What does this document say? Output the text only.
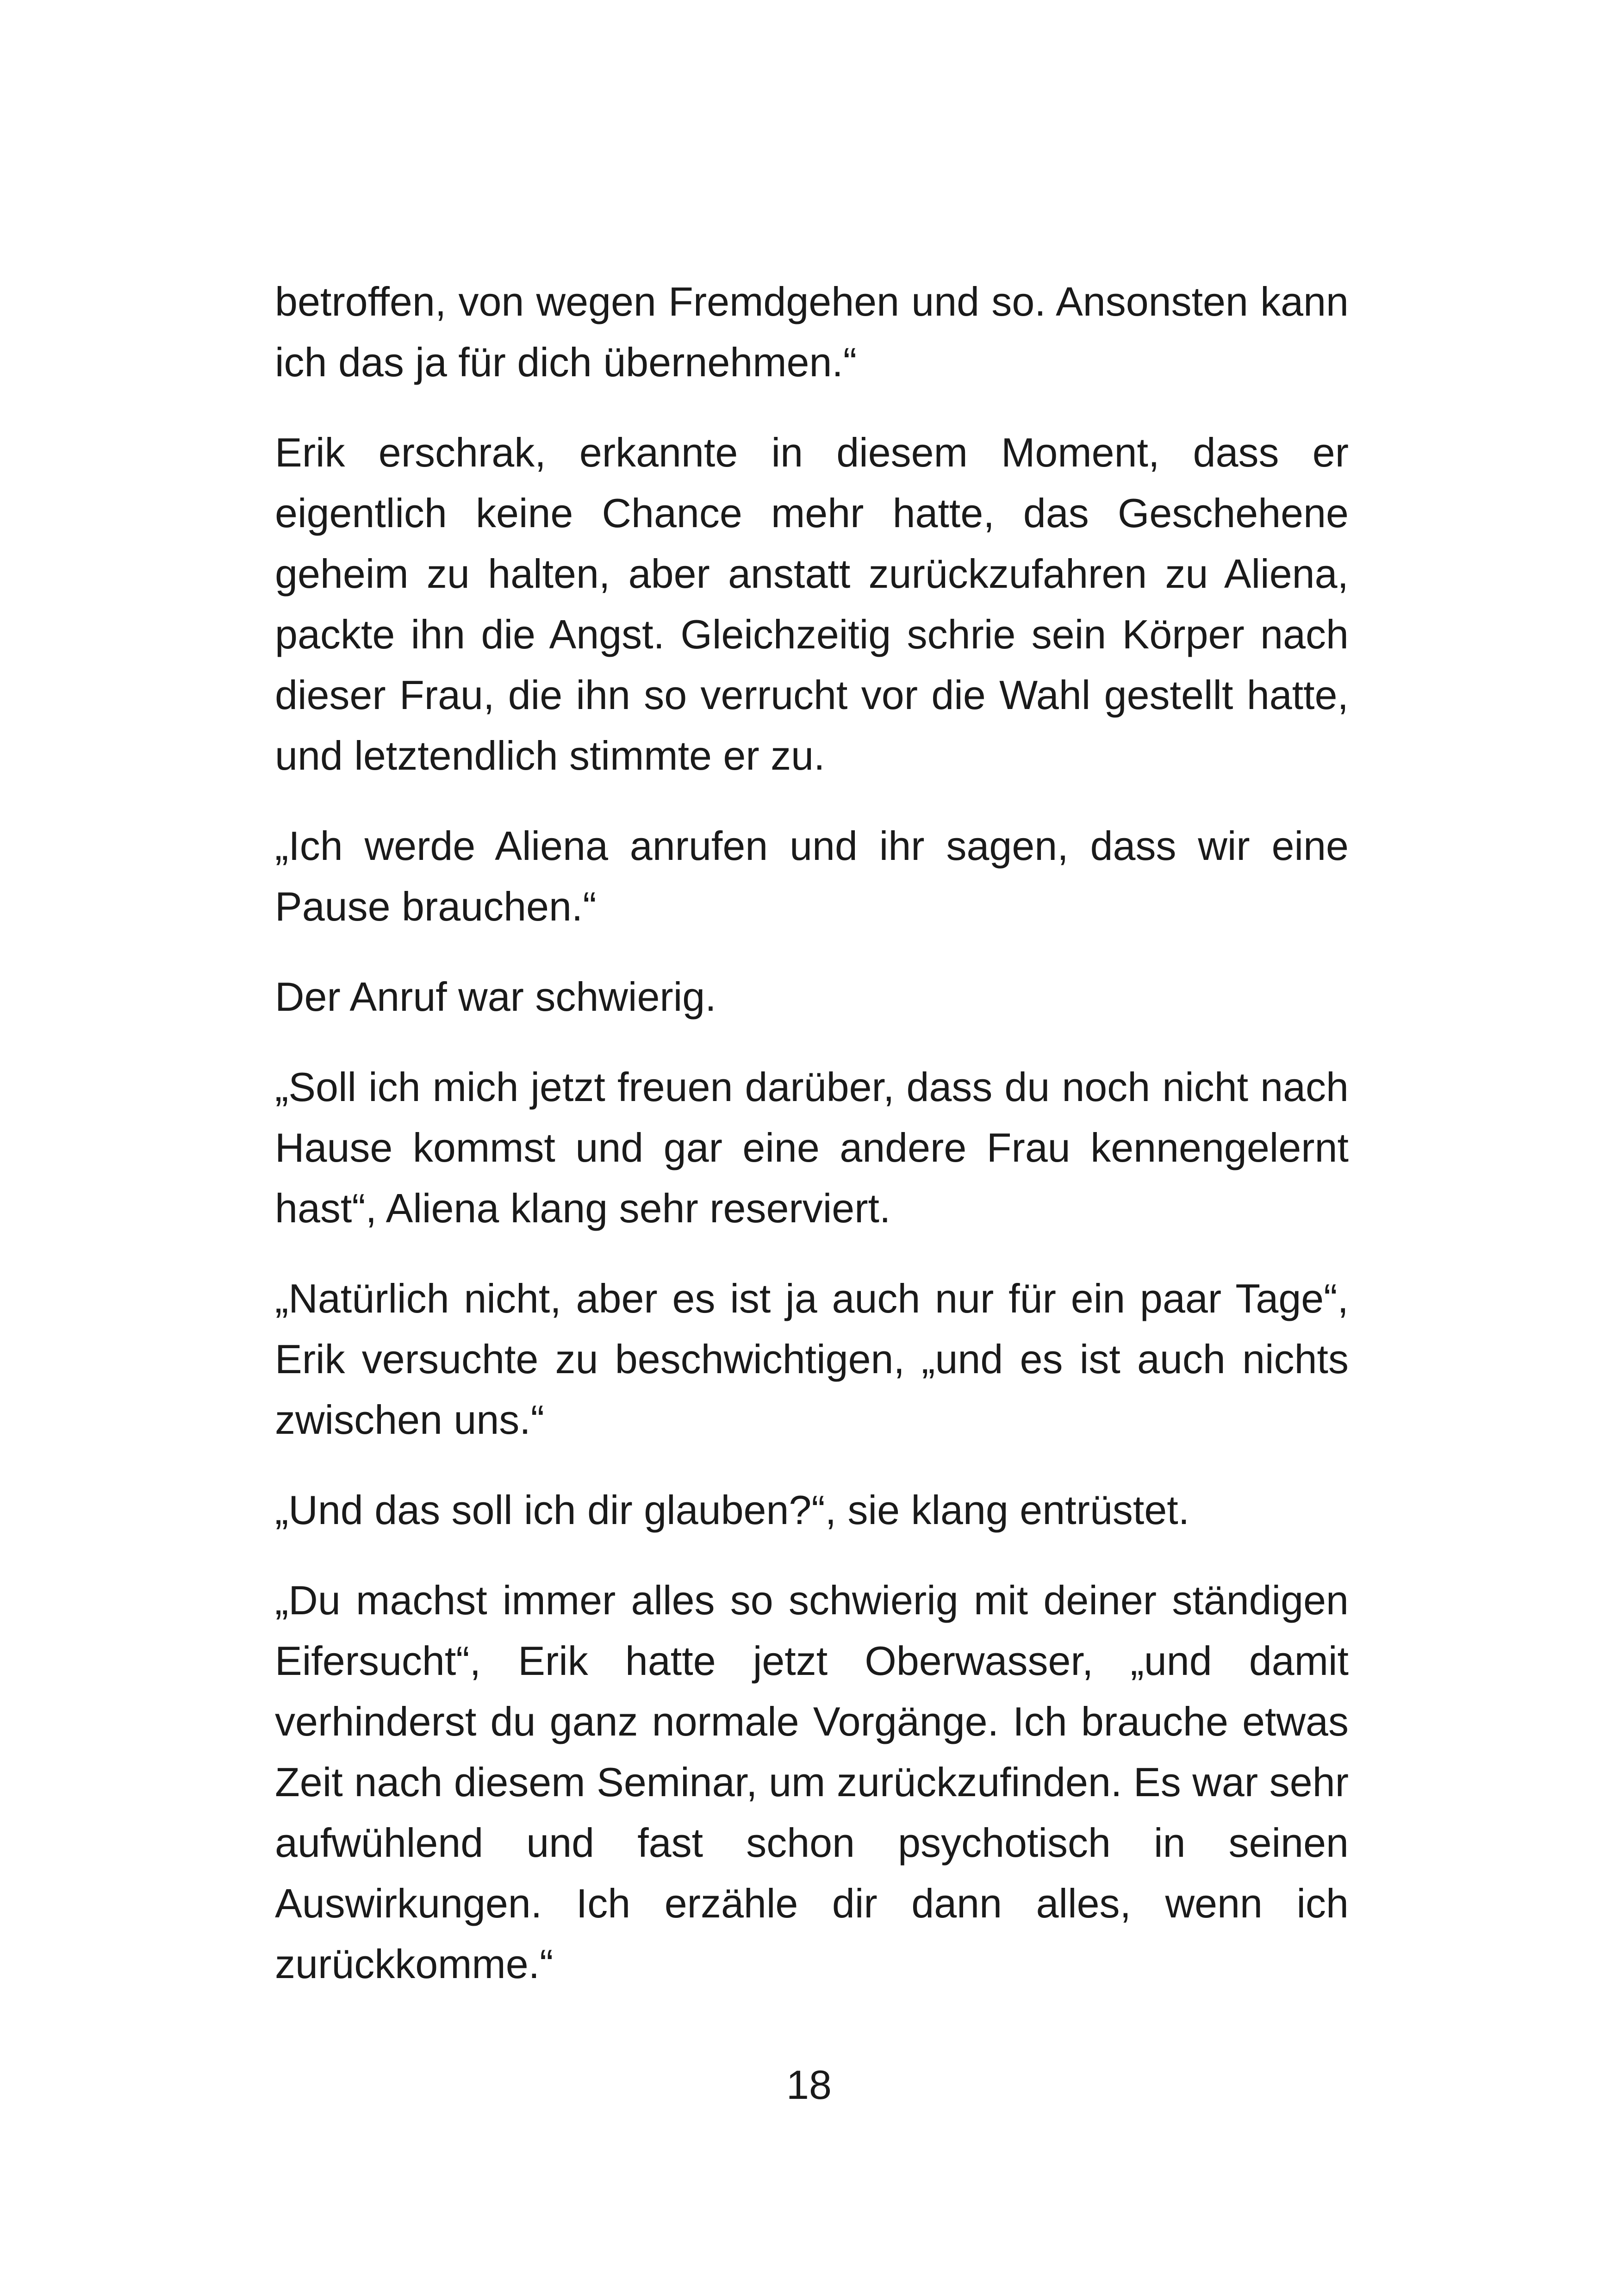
betroffen, von wegen Fremdgehen und so. Ansonsten kann ich das ja für dich übernehmen.“

Erik erschrak, erkannte in diesem Moment, dass er eigentlich keine Chance mehr hatte, das Geschehene geheim zu halten, aber anstatt zurückzufahren zu Aliena, packte ihn die Angst. Gleichzeitig schrie sein Körper nach dieser Frau, die ihn so verrucht vor die Wahl gestellt hatte, und letztendlich stimmte er zu.

„Ich werde Aliena anrufen und ihr sagen, dass wir eine Pause brauchen.“

Der Anruf war schwierig.

„Soll ich mich jetzt freuen darüber, dass du noch nicht nach Hause kommst und gar eine andere Frau kennengelernt hast“, Aliena klang sehr reserviert.

„Natürlich nicht, aber es ist ja auch nur für ein paar Tage“, Erik versuchte zu beschwichtigen, „und es ist auch nichts zwischen uns.“

„Und das soll ich dir glauben?“, sie klang entrüstet.

„Du machst immer alles so schwierig mit deiner ständigen Eifersucht“, Erik hatte jetzt Oberwasser, „und damit verhinderst du ganz normale Vorgänge. Ich brauche etwas Zeit nach diesem Seminar, um zurückzufinden. Es war sehr aufwühlend und fast schon psychotisch in seinen Auswirkungen. Ich erzähle dir dann alles, wenn ich zurückkomme.“

18
